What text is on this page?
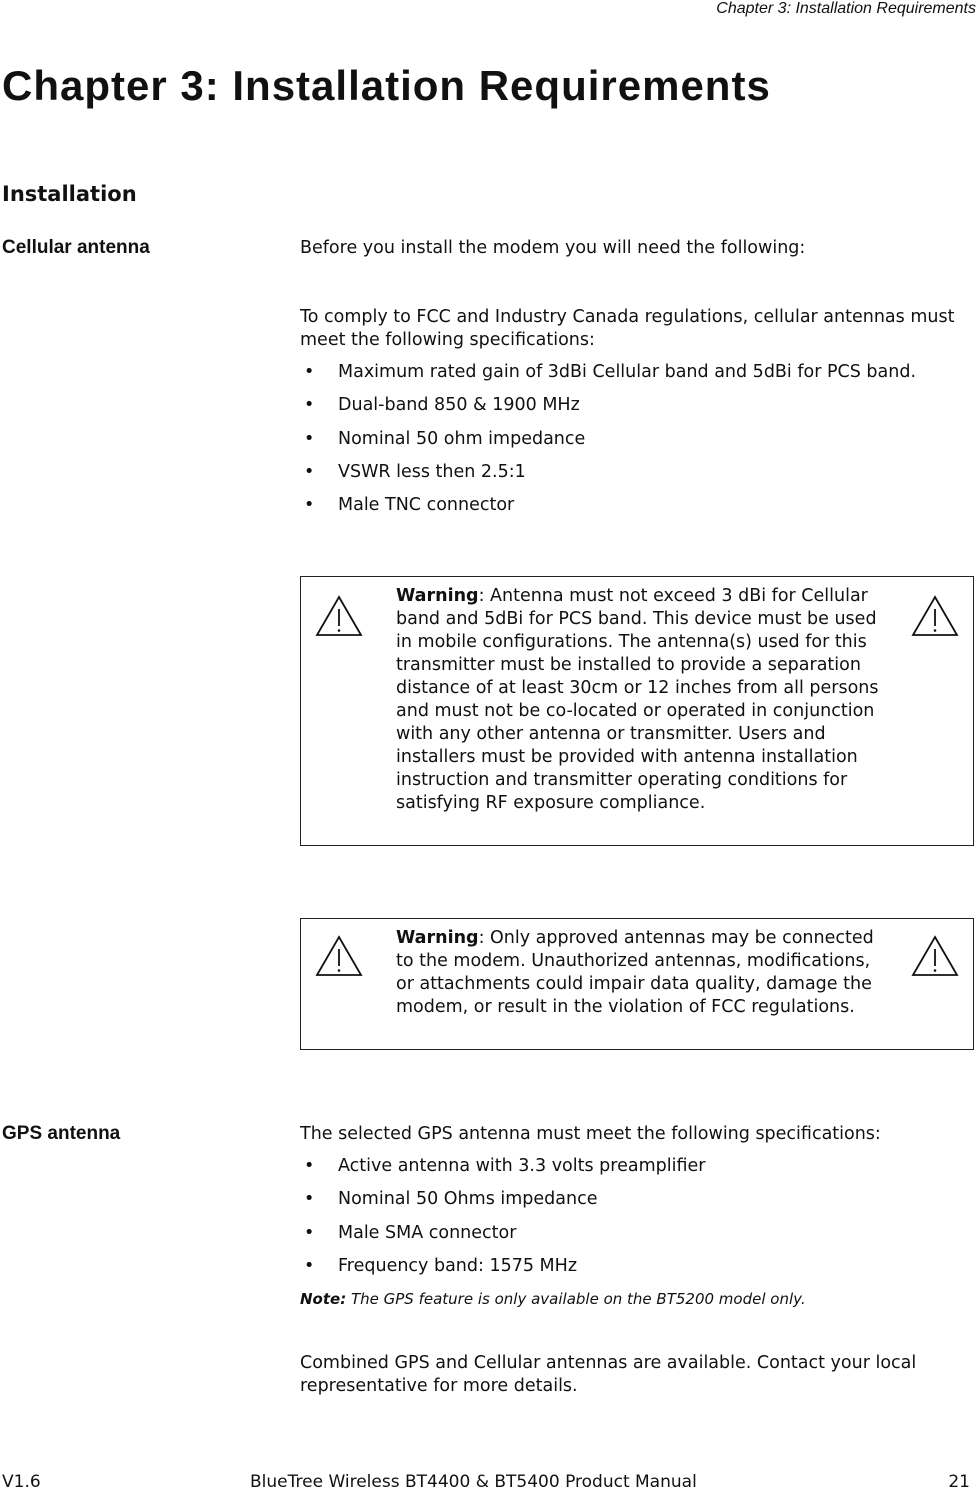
Chapter 3: Installation Requirements
Chapter 3: Installation Requirements
Installation
Cellular antenna	Before you install the modem you will need the following:

To comply to FCC and Industry Canada regulations, cellular antennas must meet the following specifications:

• Maximum rated gain of 3dBi Cellular band and 5dBi for PCS band.
• Dual-band 850 & 1900 MHz
• Nominal 50 ohm impedance
• VSWR less then 2.5:1
• Male TNC connector

Warning: Antenna must not exceed 3 dBi for Cellular band and 5dBi for PCS band. This device must be used in mobile configurations. The antenna(s) used for this transmitter must be installed to provide a separation distance of at least 30cm or 12 inches from all persons and must not be co-located or operated in conjunction with any other antenna or transmitter. Users and installers must be provided with antenna installation instruction and transmitter operating conditions for satisfying RF exposure compliance.

Warning: Only approved antennas may be connected to the modem. Unauthorized antennas, modifications, or attachments could impair data quality, damage the modem, or result in the violation of FCC regulations.

GPS antenna	The selected GPS antenna must meet the following specifications:

• Active antenna with 3.3 volts preamplifier
• Nominal 50 Ohms impedance
• Male SMA connector
• Frequency band: 1575 MHz

Note: The GPS feature is only available on the BT5200 model only.

Combined GPS and Cellular antennas are available. Contact your local representative for more details.

V1.6	BlueTree Wireless BT4400 & BT5400 Product Manual	21
